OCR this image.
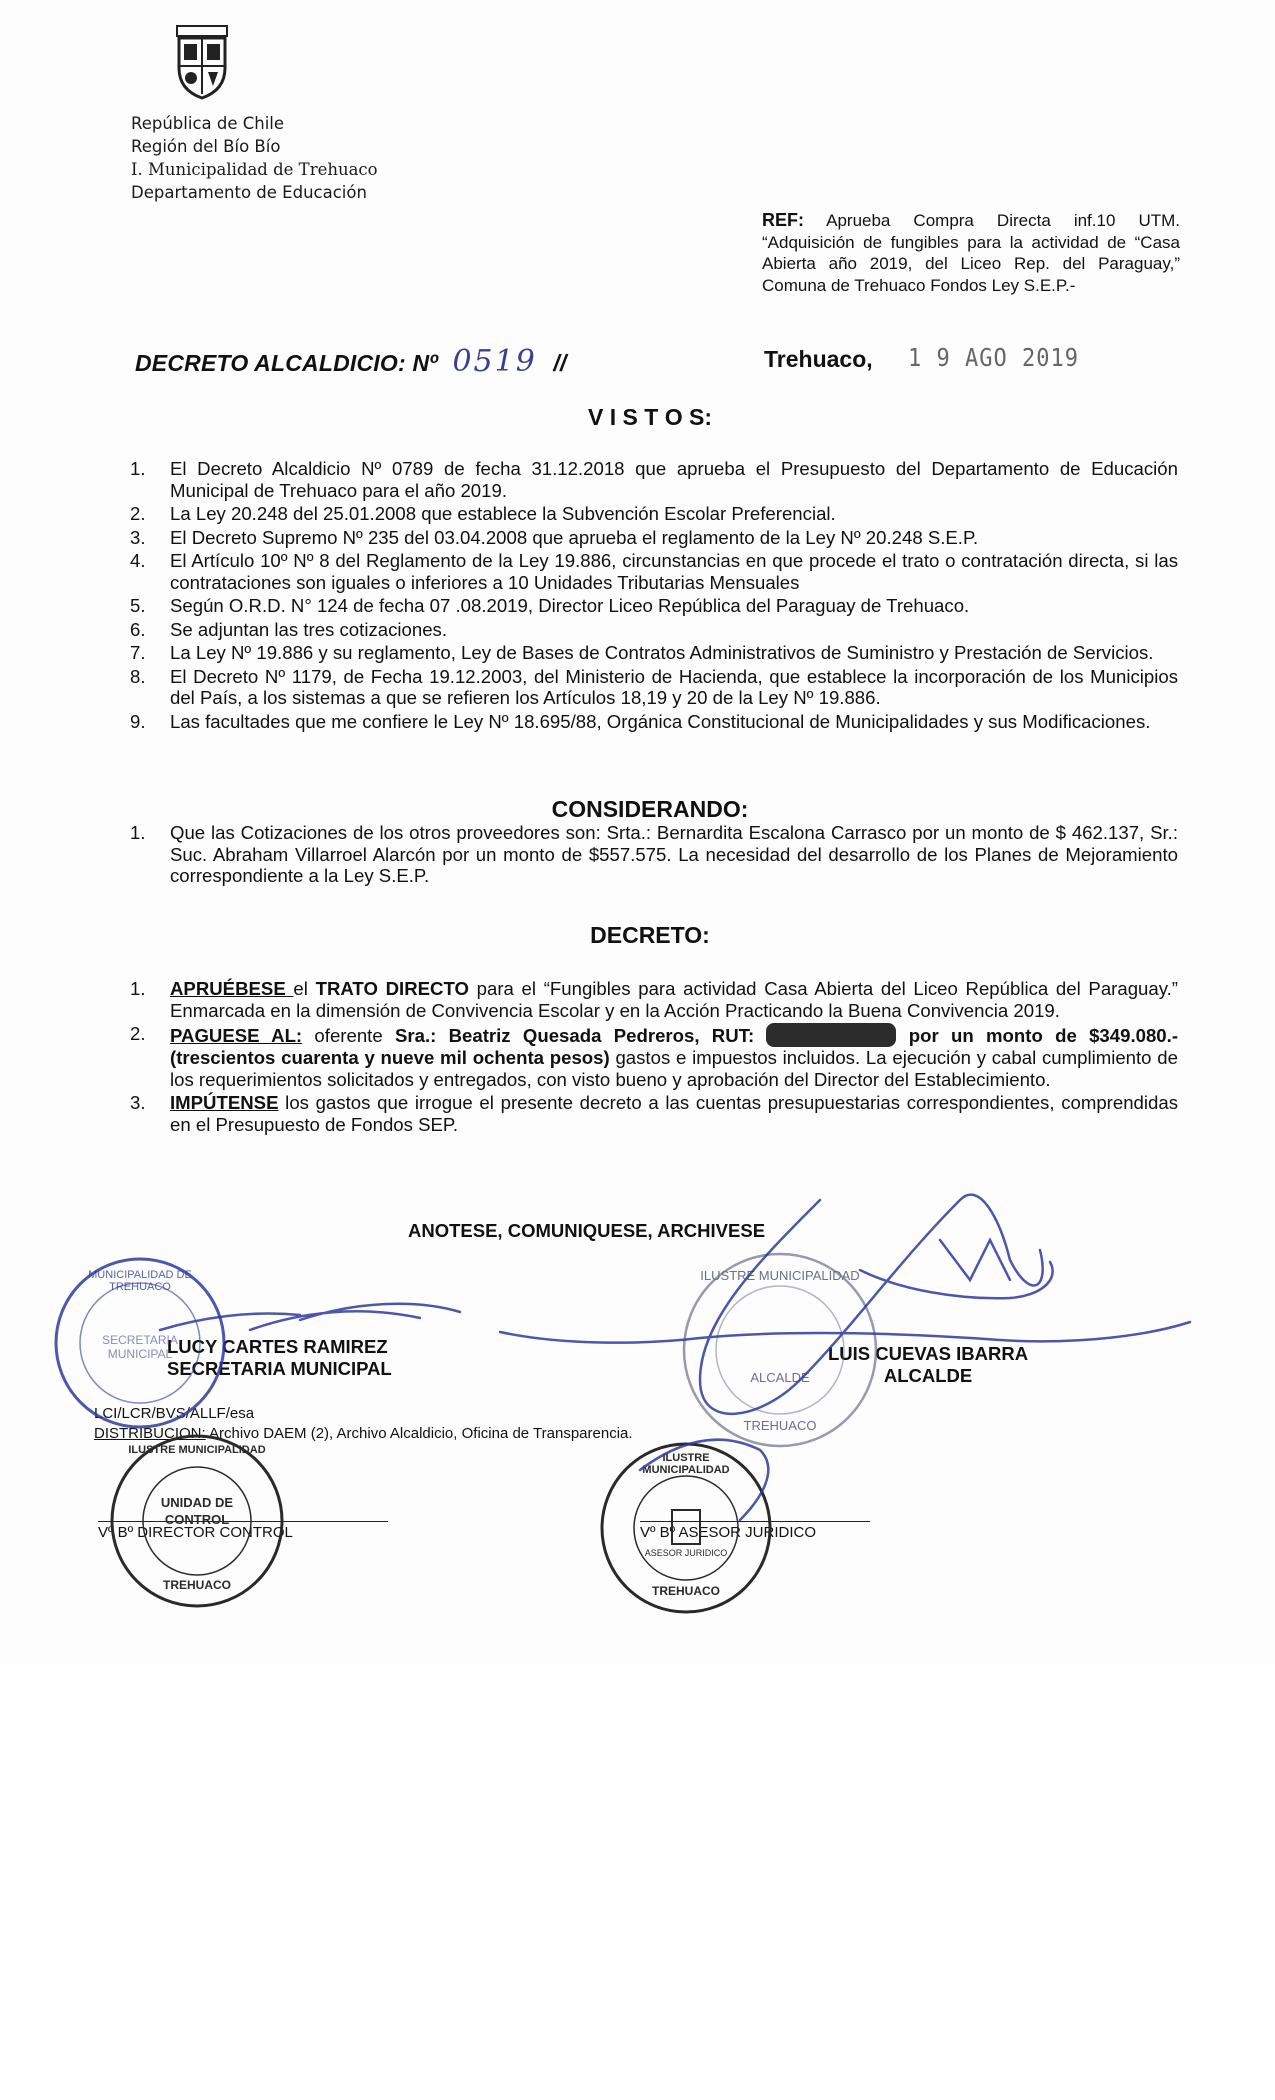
República de Chile
Región del Bío Bío
I. Municipalidad de Trehuaco
Departamento de Educación
REF: Aprueba Compra Directa inf.10 UTM. “Adquisición de fungibles para la actividad de “Casa Abierta año 2019, del Liceo Rep. del Paraguay,” Comuna de Trehuaco Fondos Ley S.E.P.-
DECRETO ALCALDICIO: Nº 0519 //	Trehuaco, 1 9 AGO 2019
V I S T O S:
1.	El Decreto Alcaldicio Nº 0789 de fecha 31.12.2018 que aprueba el Presupuesto del Departamento de Educación Municipal de Trehuaco para el año 2019.
2.	La Ley 20.248 del 25.01.2008 que establece la Subvención Escolar Preferencial.
3.	El Decreto Supremo Nº 235 del 03.04.2008 que aprueba el reglamento de la Ley Nº 20.248 S.E.P.
4.	El Artículo 10º Nº 8 del Reglamento de la Ley 19.886, circunstancias en que procede el trato o contratación directa, si las contrataciones son iguales o inferiores a 10 Unidades Tributarias Mensuales
5.	Según O.R.D. N° 124 de fecha 07 .08.2019, Director Liceo República del Paraguay de Trehuaco.
6.	Se adjuntan las tres cotizaciones.
7.	La Ley Nº 19.886 y su reglamento, Ley de Bases de Contratos Administrativos de Suministro y Prestación de Servicios.
8.	El Decreto Nº 1179, de Fecha 19.12.2003, del Ministerio de Hacienda, que establece la incorporación de los Municipios del País, a los sistemas a que se refieren los Artículos 18,19 y 20 de la Ley Nº 19.886.
9.	Las facultades que me confiere le Ley Nº 18.695/88, Orgánica Constitucional de Municipalidades y sus Modificaciones.
CONSIDERANDO:
1.	Que las Cotizaciones de los otros proveedores son: Srta.: Bernardita Escalona Carrasco por un monto de $ 462.137, Sr.: Suc. Abraham Villarroel Alarcón por un monto de $557.575. La necesidad del desarrollo de los Planes de Mejoramiento correspondiente a la Ley S.E.P.
DECRETO:
1.	APRUÉBESE el TRATO DIRECTO para el “Fungibles para actividad Casa Abierta del Liceo República del Paraguay.” Enmarcada en la dimensión de Convivencia Escolar y en la Acción Practicando la Buena Convivencia 2019.
2.	PAGUESE AL: oferente Sra.: Beatriz Quesada Pedreros, RUT:	por un monto de $349.080.- (trescientos cuarenta y nueve mil ochenta pesos) gastos e impuestos incluidos. La ejecución y cabal cumplimiento de los requerimientos solicitados y entregados, con visto bueno y aprobación del Director del Establecimiento.
3.	IMPÚTENSE los gastos que irrogue el presente decreto a las cuentas presupuestarias correspondientes, comprendidas en el Presupuesto de Fondos SEP.
ANOTESE, COMUNIQUESE, ARCHIVESE
LUCY CARTES RAMIREZ
SECRETARIA MUNICIPAL
LUIS CUEVAS IBARRA
ALCALDE
LCI/LCR/BVS/ALLF/esa
DISTRIBUCION: Archivo DAEM (2), Archivo Alcaldicio, Oficina de Transparencia.
Vº Bº DIRECTOR CONTROL	Vº Bº ASESOR JURIDICO
MUNICIPALIDAD DE TREHUACO
SECRETARIA MUNICIPAL
ILUSTRE MUNICIPALIDAD
ALCALDE
TREHUACO
ILUSTRE MUNICIPALIDAD
UNIDAD DE CONTROL
TREHUACO
ILUSTRE MUNICIPALIDAD
ASESOR JURIDICO
TREHUACO
